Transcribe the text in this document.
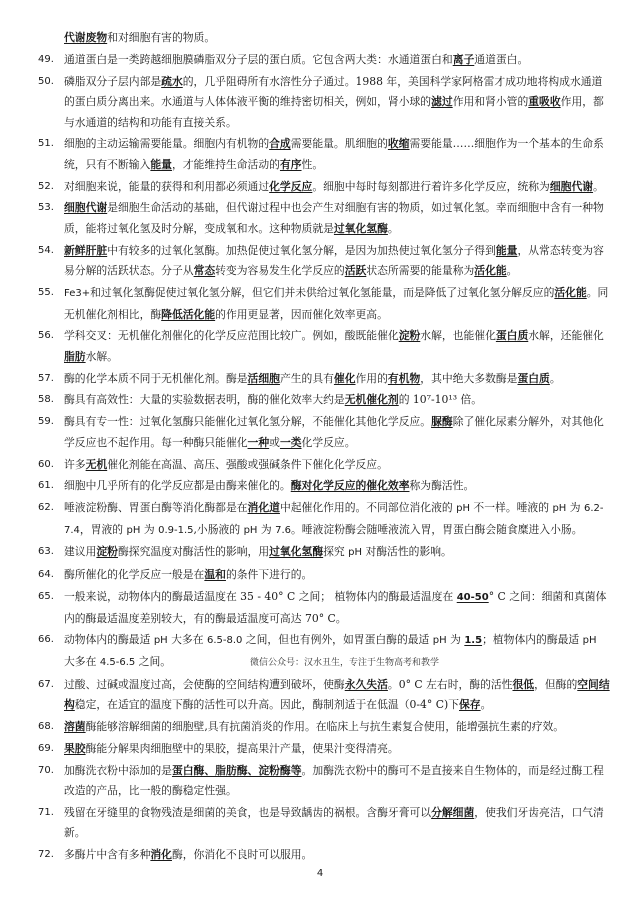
代谢废物和对细胞有害的物质。
49. 通道蛋白是一类跨越细胞膜磷脂双分子层的蛋白质。它包含两大类：水通道蛋白和离子通道蛋白。
50. 磷脂双分子层内部是疏水的，几乎阻碍所有水溶性分子通过。1988 年，美国科学家阿格雷才成功地将构成水通道的蛋白质分离出来。水通道与人体体液平衡的维持密切相关，例如，肾小球的滤过作用和肾小管的重吸收作用，都与水通道的结构和功能有直接关系。
51. 细胞的主动运输需要能量。细胞内有机物的合成需要能量。肌细胞的收缩需要能量……细胞作为一个基本的生命系统，只有不断输入能量，才能维持生命活动的有序性。
52. 对细胞来说，能量的获得和利用都必须通过化学反应。细胞中每时每刻都进行着许多化学反应，统称为细胞代谢。
53. 细胞代谢是细胞生命活动的基础，但代谢过程中也会产生对细胞有害的物质，如过氧化氢。幸而细胞中含有一种物质，能将过氧化氢及时分解，变成氧和水。这种物质就是过氧化氢酶。
54. 新鲜肝脏中有较多的过氧化氢酶。加热促使过氧化氢分解，是因为加热使过氧化氢分子得到能量，从常态转变为容易分解的活跃状态。分子从常态转变为容易发生化学反应的活跃状态所需要的能量称为活化能。
55.	Fe3+和过氧化氢酶促使过氧化氢分解，但它们并未供给过氧化氢能量，而是降低了过氧化氢分解反应的活化能。同无机催化剂相比，酶降低活化能的作用更显著，因而催化效率更高。
56. 学科交叉：无机催化剂催化的化学反应范围比较广。例如，酸既能催化淀粉水解，也能催化蛋白质水解，还能催化脂肪水解。
57. 酶的化学本质不同于无机催化剂。酶是活细胞产生的具有催化作用的有机物，其中绝大多数酶是蛋白质。
58. 酶具有高效性：大量的实验数据表明，酶的催化效率大约是无机催化剂的 10⁷-10¹³ 倍。
59. 酶具有专一性：过氧化氢酶只能催化过氧化氢分解，不能催化其他化学反应。脲酶除了催化尿素分解外，对其他化学反应也不起作用。每一种酶只能催化一种或一类化学反应。
60. 许多无机催化剂能在高温、高压、强酸或强碱条件下催化化学反应。
61. 细胞中几乎所有的化学反应都是由酶来催化的。酶对化学反应的催化效率称为酶活性。
62. 唾液淀粉酶、胃蛋白酶等消化酶都是在消化道中起催化作用的。不同部位消化液的 pH 不一样。唾液的 pH 为 6.2-7.4，胃液的 pH 为 0.9-1.5,小肠液的 pH 为 7.6。唾液淀粉酶会随唾液流入胃，胃蛋白酶会随食糜进入小肠。
63. 建议用淀粉酶探究温度对酶活性的影响，用过氧化氢酶探究 pH 对酶活性的影响。
64. 酶所催化的化学反应一般是在温和的条件下进行的。
65. 一般来说，动物体内的酶最适温度在 35 - 40° C 之间； 植物体内的酶最适温度在 40-50° C 之间：细菌和真菌体内的酶最适温度差别较大，有的酶最适温度可高达 70° C。
66. 动物体内的酶最适 pH 大多在 6.5-8.0 之间，但也有例外，如胃蛋白酶的最适 pH 为 1.5；植物体内的酶最适 pH 大多在 4.5-6.5 之间。	微信公众号：汉水丑生，专注于生物高考和教学
67. 过酸、过碱或温度过高，会使酶的空间结构遭到破坏，使酶永久失活。0° C 左右时，酶的活性很低，但酶的空间结构稳定，在适宜的温度下酶的活性可以升高。因此，酶制剂适于在低温（0-4° C)下保存。
68. 溶菌酶能够溶解细菌的细胞壁,具有抗菌消炎的作用。在临床上与抗生素复合使用，能增强抗生素的疗效。
69. 果胶酶能分解果肉细胞壁中的果胶，提高果汁产量，使果汁变得清亮。
70. 加酶洗衣粉中添加的是蛋白酶、脂肪酶、淀粉酶等。加酶洗衣粉中的酶可不是直接来自生物体的，而是经过酶工程改造的产品，比一般的酶稳定性强。
71. 残留在牙缝里的食物残渣是细菌的美食，也是导致龋齿的祸根。含酶牙膏可以分解细菌，使我们牙齿亮洁，口气清新。
72. 多酶片中含有多种消化酶，你消化不良时可以服用。
4
